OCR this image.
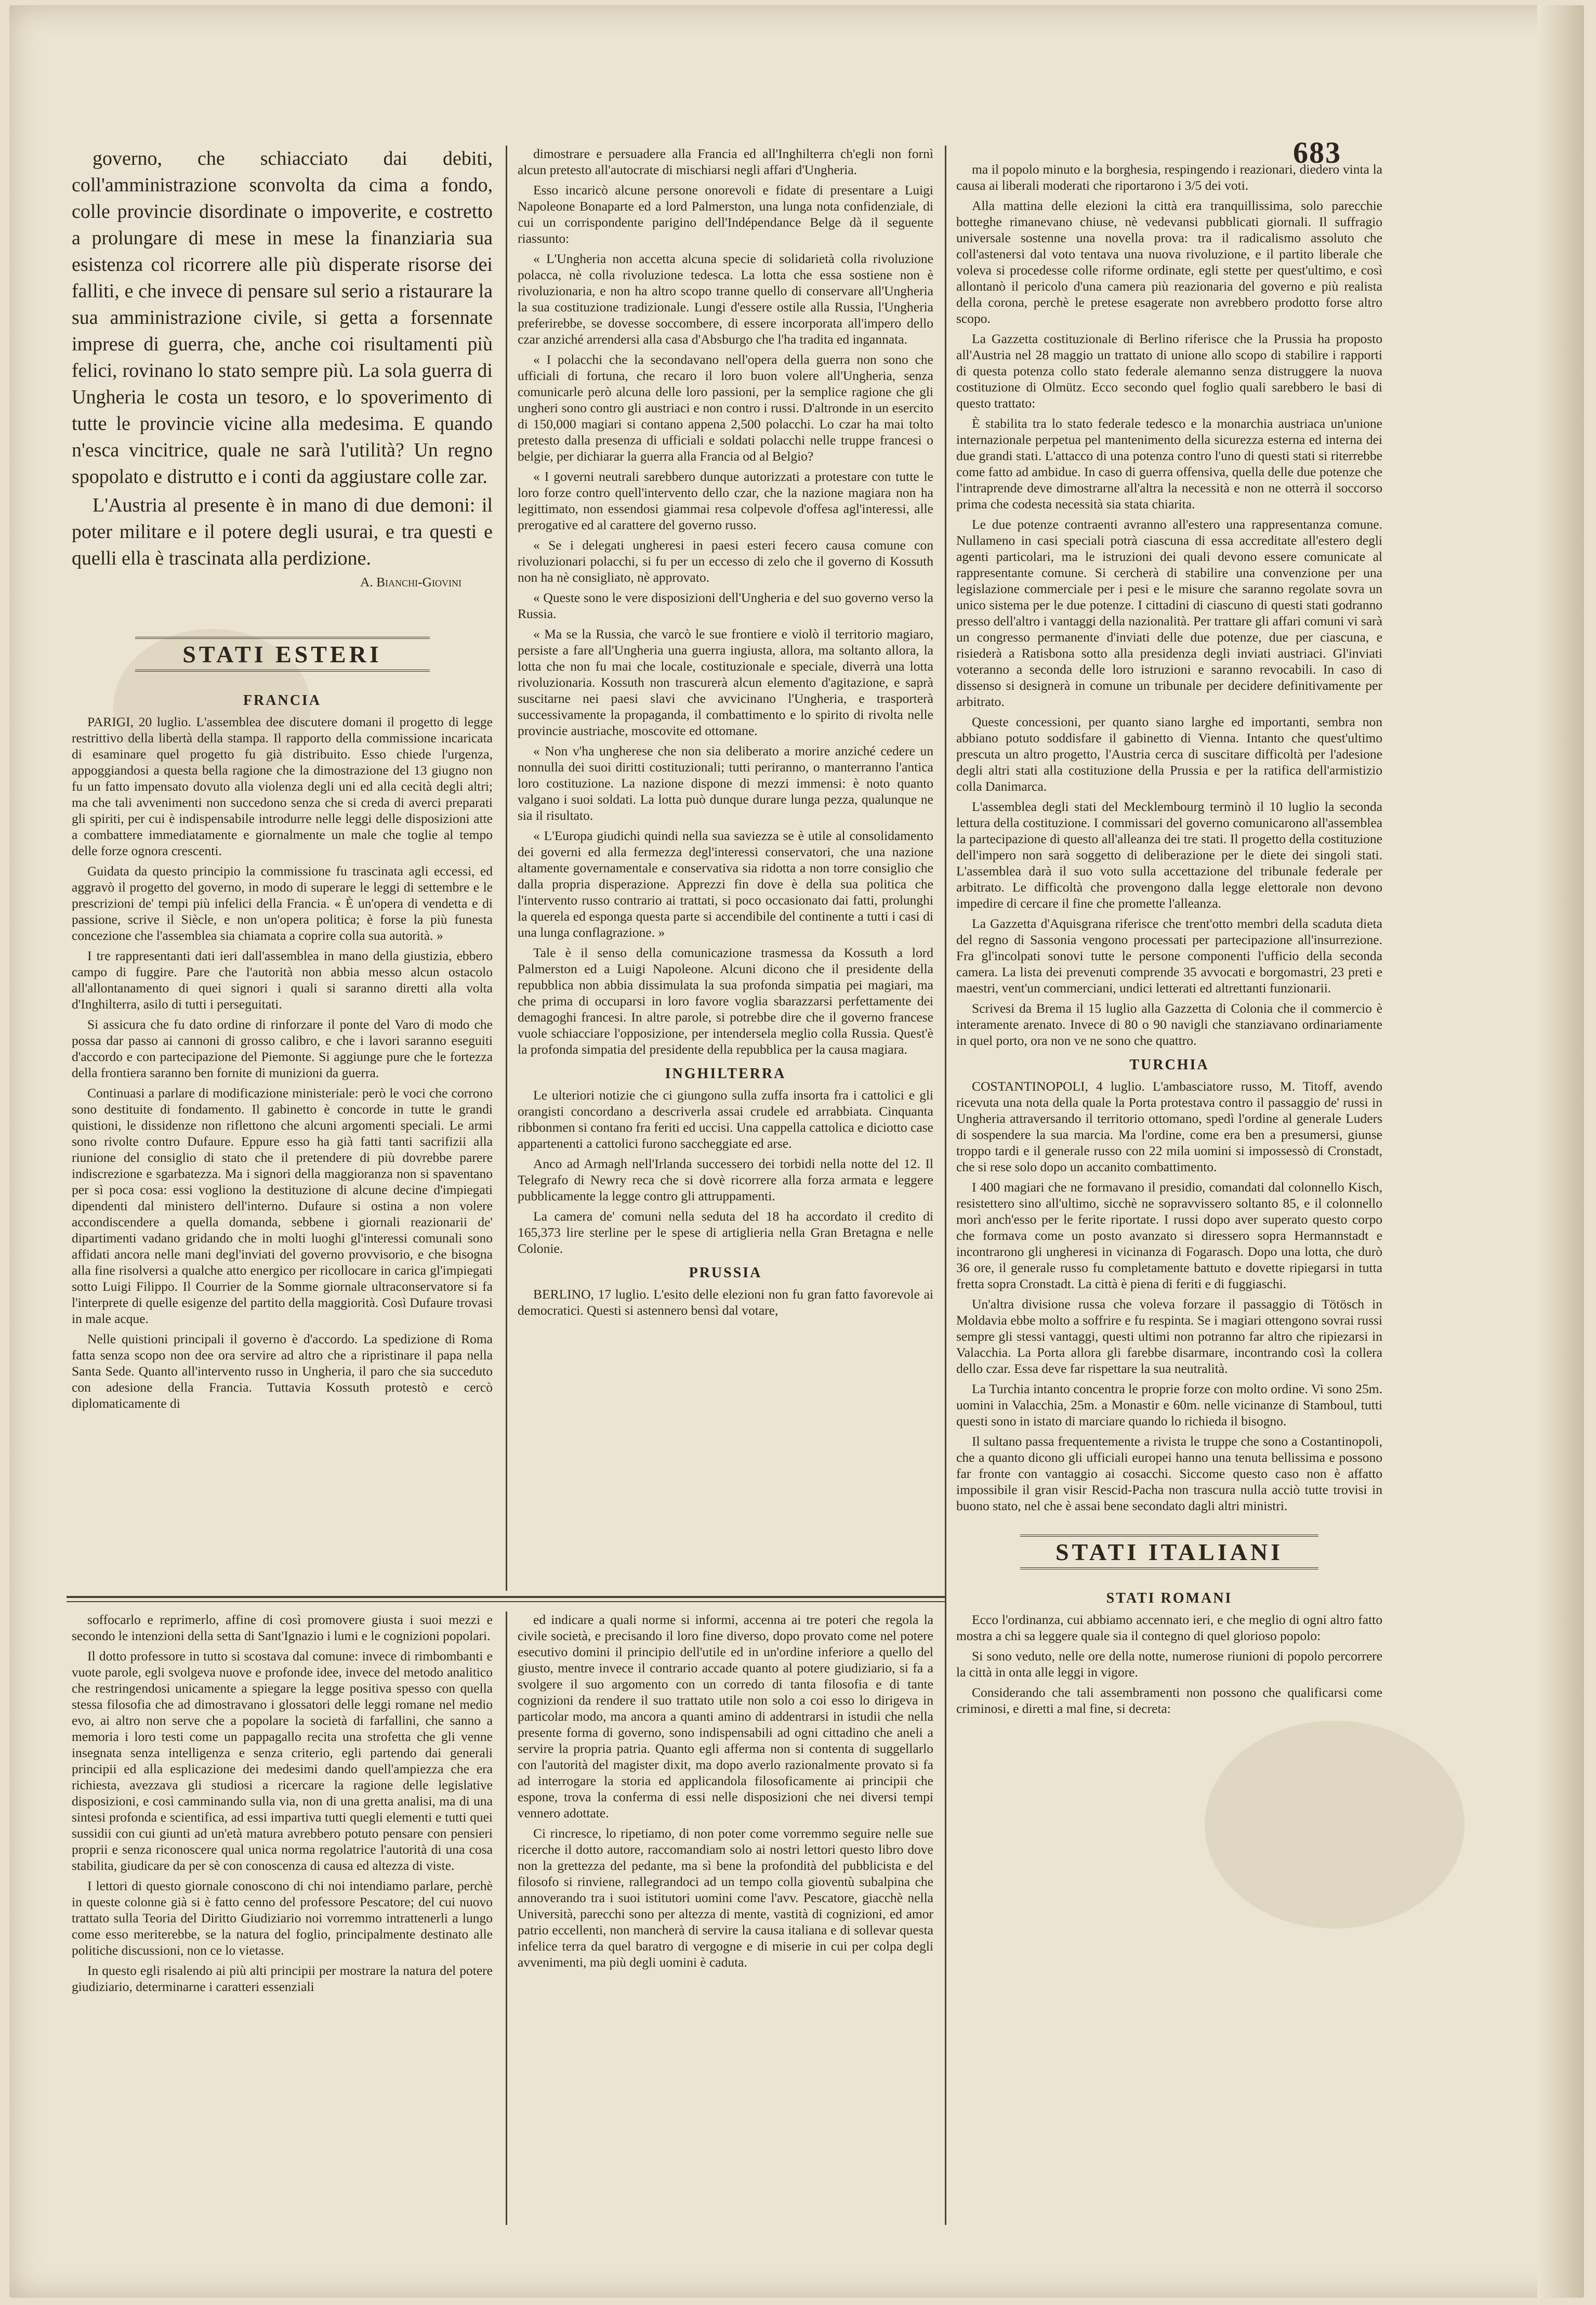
683

governo, che schiacciato dai debiti, coll'amministrazione sconvolta da cima a fondo, colle provincie disordinate o impoverite, e costretto a prolungare di mese in mese la finanziaria sua esistenza col ricorrere alle più disperate risorse dei falliti, e che invece di pensare sul serio a ristaurare la sua amministrazione civile, si getta a forsennate imprese di guerra, che, anche coi risultamenti più felici, rovinano lo stato sempre più. La sola guerra di Ungheria le costa un tesoro, e lo spoverimento di tutte le provincie vicine alla medesima. E quando n'esca vincitrice, quale ne sarà l'utilità? Un regno spopolato e distrutto e i conti da aggiustare colle zar.

L'Austria al presente è in mano di due demoni: il poter militare e il potere degli usurai, e tra questi e quelli ella è trascinata alla perdizione.

A. Bianchi-Giovini
STATI ESTERI
FRANCIA

PARIGI, 20 luglio. L'assemblea dee discutere domani il progetto di legge restrittivo della libertà della stampa. Il rapporto della commissione incaricata di esaminare quel progetto fu già distribuito. Esso chiede l'urgenza, appoggiandosi a questa bella ragione che la dimostrazione del 13 giugno non fu un fatto impensato dovuto alla violenza degli uni ed alla cecità degli altri; ma che tali avvenimenti non succedono senza che si creda di averci preparati gli spiriti, per cui è indispensabile introdurre nelle leggi delle disposizioni atte a combattere immediatamente e giornalmente un male che toglie al tempo delle forze ognora crescenti.

Guidata da questo principio la commissione fu trascinata agli eccessi, ed aggravò il progetto del governo, in modo di superare le leggi di settembre e le prescrizioni de' tempi più infelici della Francia. « È un'opera di vendetta e di passione, scrive il Siècle, e non un'opera politica; è forse la più funesta concezione che l'assemblea sia chiamata a coprire colla sua autorità. »

I tre rappresentanti dati ieri dall'assemblea in mano della giustizia, ebbero campo di fuggire. Pare che l'autorità non abbia messo alcun ostacolo all'allontanamento di quei signori i quali si saranno diretti alla volta d'Inghilterra, asilo di tutti i perseguitati.

Si assicura che fu dato ordine di rinforzare il ponte del Varo di modo che possa dar passo ai cannoni di grosso calibro, e che i lavori saranno eseguiti d'accordo e con partecipazione del Piemonte. Si aggiunge pure che le fortezza della frontiera saranno ben fornite di munizioni da guerra.

Continuasi a parlare di modificazione ministeriale: però le voci che corrono sono destituite di fondamento. Il gabinetto è concorde in tutte le grandi quistioni, le dissidenze non riflettono che alcuni argomenti speciali. Le armi sono rivolte contro Dufaure. Eppure esso ha già fatti tanti sacrifizii alla riunione del consiglio di stato che il pretendere di più dovrebbe parere indiscrezione e sgarbatezza. Ma i signori della maggioranza non si spaventano per sì poca cosa: essi vogliono la destituzione di alcune decine d'impiegati dipendenti dal ministero dell'interno. Dufaure si ostina a non volere accondiscendere a quella domanda, sebbene i giornali reazionarii de' dipartimenti vadano gridando che in molti luoghi gl'interessi comunali sono affidati ancora nelle mani degl'inviati del governo provvisorio, e che bisogna alla fine risolversi a qualche atto energico per ricollocare in carica gl'impiegati sotto Luigi Filippo. Il Courrier de la Somme giornale ultraconservatore si fa l'interprete di quelle esigenze del partito della maggiorità. Così Dufaure trovasi in male acque.

Nelle quistioni principali il governo è d'accordo. La spedizione di Roma fatta senza scopo non dee ora servire ad altro che a ripristinare il papa nella Santa Sede. Quanto all'intervento russo in Ungheria, il paro che sia succeduto con adesione della Francia. Tuttavia Kossuth protestò e cercò diplomaticamente di

dimostrare e persuadere alla Francia ed all'Inghilterra ch'egli non fornì alcun pretesto all'autocrate di mischiarsi negli affari d'Ungheria.

Esso incaricò alcune persone onorevoli e fidate di presentare a Luigi Napoleone Bonaparte ed a lord Palmerston, una lunga nota confidenziale, di cui un corrispondente parigino dell'Indépendance Belge dà il seguente riassunto:

« L'Ungheria non accetta alcuna specie di solidarietà colla rivoluzione polacca, nè colla rivoluzione tedesca. La lotta che essa sostiene non è rivoluzionaria, e non ha altro scopo tranne quello di conservare all'Ungheria la sua costituzione tradizionale. Lungi d'essere ostile alla Russia, l'Ungheria preferirebbe, se dovesse soccombere, di essere incorporata all'impero dello czar anziché arrendersi alla casa d'Absburgo che l'ha tradita ed ingannata.

« I polacchi che la secondavano nell'opera della guerra non sono che ufficiali di fortuna, che recaro il loro buon volere all'Ungheria, senza comunicarle però alcuna delle loro passioni, per la semplice ragione che gli ungheri sono contro gli austriaci e non contro i russi. D'altronde in un esercito di 150,000 magiari si contano appena 2,500 polacchi. Lo czar ha mai tolto pretesto dalla presenza di ufficiali e soldati polacchi nelle truppe francesi o belgie, per dichiarar la guerra alla Francia od al Belgio?

« I governi neutrali sarebbero dunque autorizzati a protestare con tutte le loro forze contro quell'intervento dello czar, che la nazione magiara non ha legittimato, non essendosi giammai resa colpevole d'offesa agl'interessi, alle prerogative ed al carattere del governo russo.

« Se i delegati ungheresi in paesi esteri fecero causa comune con rivoluzionari polacchi, si fu per un eccesso di zelo che il governo di Kossuth non ha nè consigliato, nè approvato.

« Queste sono le vere disposizioni dell'Ungheria e del suo governo verso la Russia.

« Ma se la Russia, che varcò le sue frontiere e violò il territorio magiaro, persiste a fare all'Ungheria una guerra ingiusta, allora, ma soltanto allora, la lotta che non fu mai che locale, costituzionale e speciale, diverrà una lotta rivoluzionaria. Kossuth non trascurerà alcun elemento d'agitazione, e saprà suscitarne nei paesi slavi che avvicinano l'Ungheria, e trasporterà successivamente la propaganda, il combattimento e lo spirito di rivolta nelle provincie austriache, moscovite ed ottomane.

« Non v'ha ungherese che non sia deliberato a morire anziché cedere un nonnulla dei suoi diritti costituzionali; tutti periranno, o manterranno l'antica loro costituzione. La nazione dispone di mezzi immensi: è noto quanto valgano i suoi soldati. La lotta può dunque durare lunga pezza, qualunque ne sia il risultato.

« L'Europa giudichi quindi nella sua saviezza se è utile al consolidamento dei governi ed alla fermezza degl'interessi conservatori, che una nazione altamente governamentale e conservativa sia ridotta a non torre consiglio che dalla propria disperazione. Apprezzi fin dove è della sua politica che l'intervento russo contrario ai trattati, si poco occasionato dai fatti, prolunghi la querela ed esponga questa parte si accendibile del continente a tutti i casi di una lunga conflagrazione. »

Tale è il senso della comunicazione trasmessa da Kossuth a lord Palmerston ed a Luigi Napoleone. Alcuni dicono che il presidente della repubblica non abbia dissimulata la sua profonda simpatia pei magiari, ma che prima di occuparsi in loro favore voglia sbarazzarsi perfettamente dei demagoghi francesi. In altre parole, si potrebbe dire che il governo francese vuole schiacciare l'opposizione, per intendersela meglio colla Russia. Quest'è la profonda simpatia del presidente della repubblica per la causa magiara.

INGHILTERRA

Le ulteriori notizie che ci giungono sulla zuffa insorta fra i cattolici e gli orangisti concordano a descriverla assai crudele ed arrabbiata. Cinquanta ribbonmen si contano fra feriti ed uccisi. Una cappella cattolica e diciotto case appartenenti a cattolici furono saccheggiate ed arse.

Anco ad Armagh nell'Irlanda successero dei torbidi nella notte del 12. Il Telegrafo di Newry reca che si dovè ricorrere alla forza armata e leggere pubblicamente la legge contro gli attruppamenti.

La camera de' comuni nella seduta del 18 ha accordato il credito di 165,373 lire sterline per le spese di artiglieria nella Gran Bretagna e nelle Colonie.

PRUSSIA

BERLINO, 17 luglio. L'esito delle elezioni non fu gran fatto favorevole ai democratici. Questi si astennero bensì dal votare,

ma il popolo minuto e la borghesia, respingendo i reazionari, diedero vinta la causa ai liberali moderati che riportarono i 3/5 dei voti.

Alla mattina delle elezioni la città era tranquillissima, solo parecchie botteghe rimanevano chiuse, nè vedevansi pubblicati giornali. Il suffragio universale sostenne una novella prova: tra il radicalismo assoluto che coll'astenersi dal voto tentava una nuova rivoluzione, e il partito liberale che voleva si procedesse colle riforme ordinate, egli stette per quest'ultimo, e così allontanò il pericolo d'una camera più reazionaria del governo e più realista della corona, perchè le pretese esagerate non avrebbero prodotto forse altro scopo.

La Gazzetta costituzionale di Berlino riferisce che la Prussia ha proposto all'Austria nel 28 maggio un trattato di unione allo scopo di stabilire i rapporti di questa potenza collo stato federale alemanno senza distruggere la nuova costituzione di Olmütz. Ecco secondo quel foglio quali sarebbero le basi di questo trattato:

È stabilita tra lo stato federale tedesco e la monarchia austriaca un'unione internazionale perpetua pel mantenimento della sicurezza esterna ed interna dei due grandi stati. L'attacco di una potenza contro l'uno di questi stati si riterrebbe come fatto ad ambidue. In caso di guerra offensiva, quella delle due potenze che l'intraprende deve dimostrarne all'altra la necessità e non ne otterrà il soccorso prima che codesta necessità sia stata chiarita.

Le due potenze contraenti avranno all'estero una rappresentanza comune. Nullameno in casi speciali potrà ciascuna di essa accreditate all'estero degli agenti particolari, ma le istruzioni dei quali devono essere comunicate al rappresentante comune. Si cercherà di stabilire una convenzione per una legislazione commerciale per i pesi e le misure che saranno regolate sovra un unico sistema per le due potenze. I cittadini di ciascuno di questi stati godranno presso dell'altro i vantaggi della nazionalità. Per trattare gli affari comuni vi sarà un congresso permanente d'inviati delle due potenze, due per ciascuna, e risiederà a Ratisbona sotto alla presidenza degli inviati austriaci. Gl'inviati voteranno a seconda delle loro istruzioni e saranno revocabili. In caso di dissenso si designerà in comune un tribunale per decidere definitivamente per arbitrato.

Queste concessioni, per quanto siano larghe ed importanti, sembra non abbiano potuto soddisfare il gabinetto di Vienna. Intanto che quest'ultimo prescuta un altro progetto, l'Austria cerca di suscitare difficoltà per l'adesione degli altri stati alla costituzione della Prussia e per la ratifica dell'armistizio colla Danimarca.

L'assemblea degli stati del Mecklembourg terminò il 10 luglio la seconda lettura della costituzione. I commissari del governo comunicarono all'assemblea la partecipazione di questo all'alleanza dei tre stati. Il progetto della costituzione dell'impero non sarà soggetto di deliberazione per le diete dei singoli stati. L'assemblea darà il suo voto sulla accettazione del tribunale federale per arbitrato. Le difficoltà che provengono dalla legge elettorale non devono impedire di cercare il fine che promette l'alleanza.

La Gazzetta d'Aquisgrana riferisce che trent'otto membri della scaduta dieta del regno di Sassonia vengono processati per partecipazione all'insurrezione. Fra gl'incolpati sonovi tutte le persone componenti l'ufficio della seconda camera. La lista dei prevenuti comprende 35 avvocati e borgomastri, 23 preti e maestri, vent'un commerciani, undici letterati ed altrettanti funzionarii.

Scrivesi da Brema il 15 luglio alla Gazzetta di Colonia che il commercio è interamente arenato. Invece di 80 o 90 navigli che stanziavano ordinariamente in quel porto, ora non ve ne sono che quattro.

TURCHIA

COSTANTINOPOLI, 4 luglio. L'ambasciatore russo, M. Titoff, avendo ricevuta una nota della quale la Porta protestava contro il passaggio de' russi in Ungheria attraversando il territorio ottomano, spedì l'ordine al generale Luders di sospendere la sua marcia. Ma l'ordine, come era ben a presumersi, giunse troppo tardi e il generale russo con 22 mila uomini si impossessò di Cronstadt, che si rese solo dopo un accanito combattimento.

I 400 magiari che ne formavano il presidio, comandati dal colonnello Kisch, resistettero sino all'ultimo, sicchè ne sopravvissero soltanto 85, e il colonnello morì anch'esso per le ferite riportate. I russi dopo aver superato questo corpo che formava come un posto avanzato si diressero sopra Hermannstadt e incontrarono gli ungheresi in vicinanza di Fogarasch. Dopo una lotta, che durò 36 ore, il generale russo fu completamente battuto e dovette ripiegarsi in tutta fretta sopra Cronstadt. La città è piena di feriti e di fuggiaschi.

Un'altra divisione russa che voleva forzare il passaggio di Tötösch in Moldavia ebbe molto a soffrire e fu respinta. Se i magiari ottengono sovrai russi sempre gli stessi vantaggi, questi ultimi non potranno far altro che ripiezarsi in Valacchia. La Porta allora gli farebbe disarmare, incontrando così la collera dello czar. Essa deve far rispettare la sua neutralità.

La Turchia intanto concentra le proprie forze con molto ordine. Vi sono 25m. uomini in Valacchia, 25m. a Monastir e 60m. nelle vicinanze di Stamboul, tutti questi sono in istato di marciare quando lo richieda il bisogno.

Il sultano passa frequentemente a rivista le truppe che sono a Costantinopoli, che a quanto dicono gli ufficiali europei hanno una tenuta bellissima e possono far fronte con vantaggio ai cosacchi. Siccome questo caso non è affatto impossibile il gran visir Rescid-Pacha non trascura nulla acciò tutte trovisi in buono stato, nel che è assai bene secondato dagli altri ministri.

STATI ITALIANI
STATI ROMANI

Ecco l'ordinanza, cui abbiamo accennato ieri, e che meglio di ogni altro fatto mostra a chi sa leggere quale sia il contegno di quel glorioso popolo:

Si sono veduto, nelle ore della notte, numerose riunioni di popolo percorrere la città in onta alle leggi in vigore.

Considerando che tali assembramenti non possono che qualificarsi come criminosi, e diretti a mal fine, si decreta:

soffocarlo e reprimerlo, affine di così promovere giusta i suoi mezzi e secondo le intenzioni della setta di Sant'Ignazio i lumi e le cognizioni popolari.

Il dotto professore in tutto si scostava dal comune: invece di rimbombanti e vuote parole, egli svolgeva nuove e profonde idee, invece del metodo analitico che restringendosi unicamente a spiegare la legge positiva spesso con quella stessa filosofia che ad dimostravano i glossatori delle leggi romane nel medio evo, ai altro non serve che a popolare la società di farfallini, che sanno a memoria i loro testi come un pappagallo recita una strofetta che gli venne insegnata senza intelligenza e senza criterio, egli partendo dai generali principii ed alla esplicazione dei medesimi dando quell'ampiezza che era richiesta, avezzava gli studiosi a ricercare la ragione delle legislative disposizioni, e così camminando sulla via, non di una gretta analisi, ma di una sintesi profonda e scientifica, ad essi impartiva tutti quegli elementi e tutti quei sussidii con cui giunti ad un'età matura avrebbero potuto pensare con pensieri proprii e senza riconoscere qual unica norma regolatrice l'autorità di una cosa stabilita, giudicare da per sè con conoscenza di causa ed altezza di viste.

I lettori di questo giornale conoscono di chi noi intendiamo parlare, perchè in queste colonne già si è fatto cenno del professore Pescatore; del cui nuovo trattato sulla Teoria del Diritto Giudiziario noi vorremmo intrattenerli a lungo come esso meriterebbe, se la natura del foglio, principalmente destinato alle politiche discussioni, non ce lo vietasse.

In questo egli risalendo ai più alti principii per mostrare la natura del potere giudiziario, determinarne i caratteri essenziali

ed indicare a quali norme si informi, accenna ai tre poteri che regola la civile società, e precisando il loro fine diverso, dopo provato come nel potere esecutivo domini il principio dell'utile ed in un'ordine inferiore a quello del giusto, mentre invece il contrario accade quanto al potere giudiziario, si fa a svolgere il suo argomento con un corredo di tanta filosofia e di tante cognizioni da rendere il suo trattato utile non solo a coi esso lo dirigeva in particolar modo, ma ancora a quanti amino di addentrarsi in istudii che nella presente forma di governo, sono indispensabili ad ogni cittadino che aneli a servire la propria patria. Quanto egli afferma non si contenta di suggellarlo con l'autorità del magister dixit, ma dopo averlo razionalmente provato si fa ad interrogare la storia ed applicandola filosoficamente ai principii che espone, trova la conferma di essi nelle disposizioni che nei diversi tempi vennero adottate.

Ci rincresce, lo ripetiamo, di non poter come vorremmo seguire nelle sue ricerche il dotto autore, raccomandiam solo ai nostri lettori questo libro dove non la grettezza del pedante, ma sì bene la profondità del pubblicista e del filosofo si rinviene, rallegrandoci ad un tempo colla gioventù subalpina che annoverando tra i suoi istitutori uomini come l'avv. Pescatore, giacchè nella Università, parecchi sono per altezza di mente, vastità di cognizioni, ed amor patrio eccellenti, non mancherà di servire la causa italiana e di sollevar questa infelice terra da quel baratro di vergogne e di miserie in cui per colpa degli avvenimenti, ma più degli uomini è caduta.
